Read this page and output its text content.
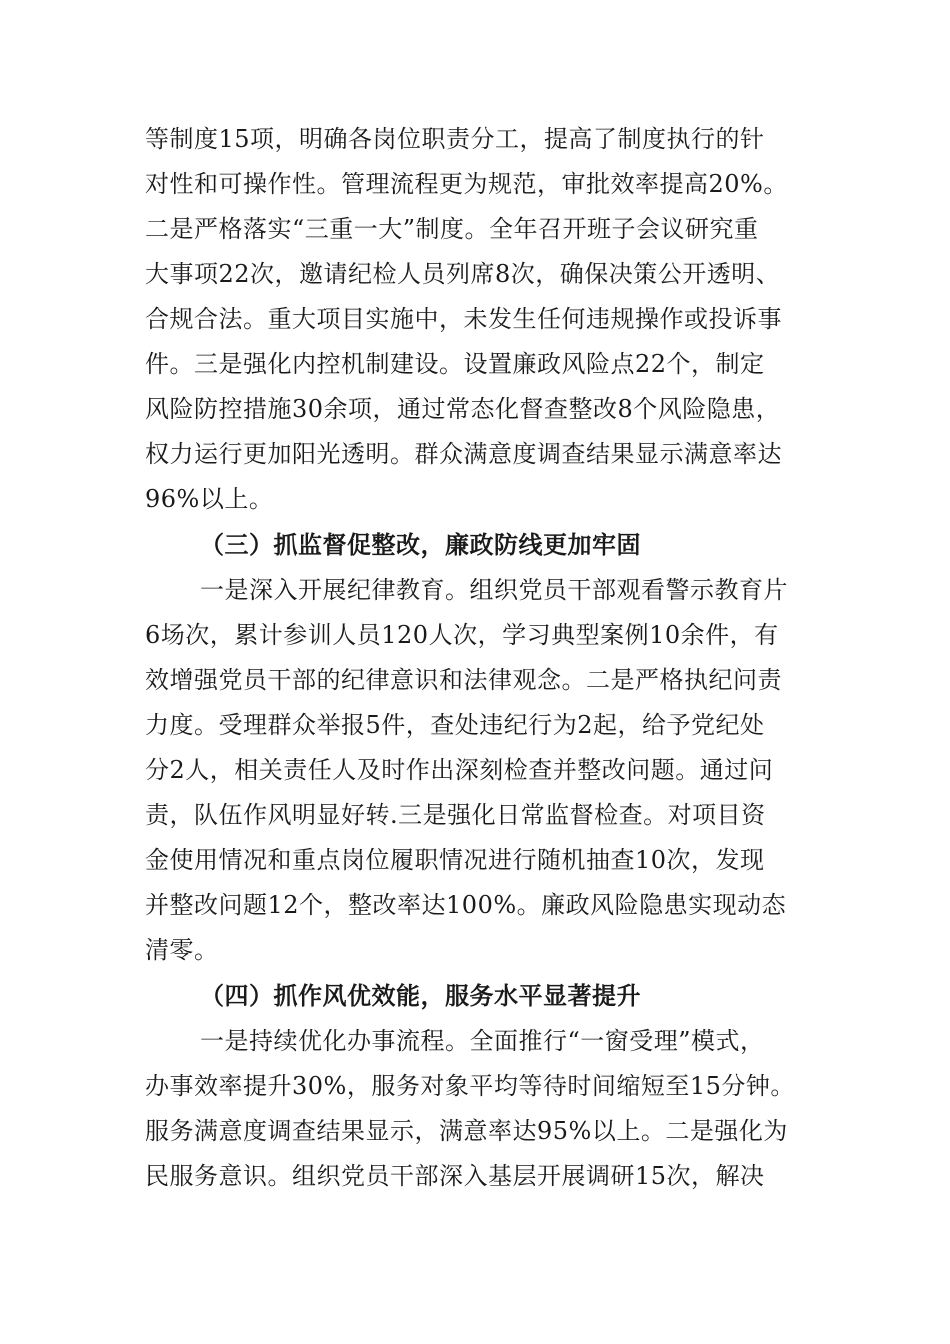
等制度15项，明确各岗位职责分工，提高了制度执行的针
对性和可操作性。管理流程更为规范，审批效率提高20%。
二是严格落实“三重一大”制度。全年召开班子会议研究重
大事项22次，邀请纪检人员列席8次，确保决策公开透明、
合规合法。重大项目实施中，未发生任何违规操作或投诉事
件。三是强化内控机制建设。设置廉政风险点22个，制定
风险防控措施30余项，通过常态化督查整改8个风险隐患，
权力运行更加阳光透明。群众满意度调查结果显示满意率达
96%以上。
（三）抓监督促整改，廉政防线更加牢固
一是深入开展纪律教育。组织党员干部观看警示教育片
6场次，累计参训人员120人次，学习典型案例10余件，有
效增强党员干部的纪律意识和法律观念。二是严格执纪问责
力度。受理群众举报5件，查处违纪行为2起，给予党纪处
分2人，相关责任人及时作出深刻检查并整改问题。通过问
责，队伍作风明显好转.三是强化日常监督检查。对项目资
金使用情况和重点岗位履职情况进行随机抽查10次，发现
并整改问题12个，整改率达100%。廉政风险隐患实现动态
清零。
（四）抓作风优效能，服务水平显著提升
一是持续优化办事流程。全面推行“一窗受理”模式，
办事效率提升30%，服务对象平均等待时间缩短至15分钟。
服务满意度调查结果显示，满意率达95%以上。二是强化为
民服务意识。组织党员干部深入基层开展调研15次，解决
